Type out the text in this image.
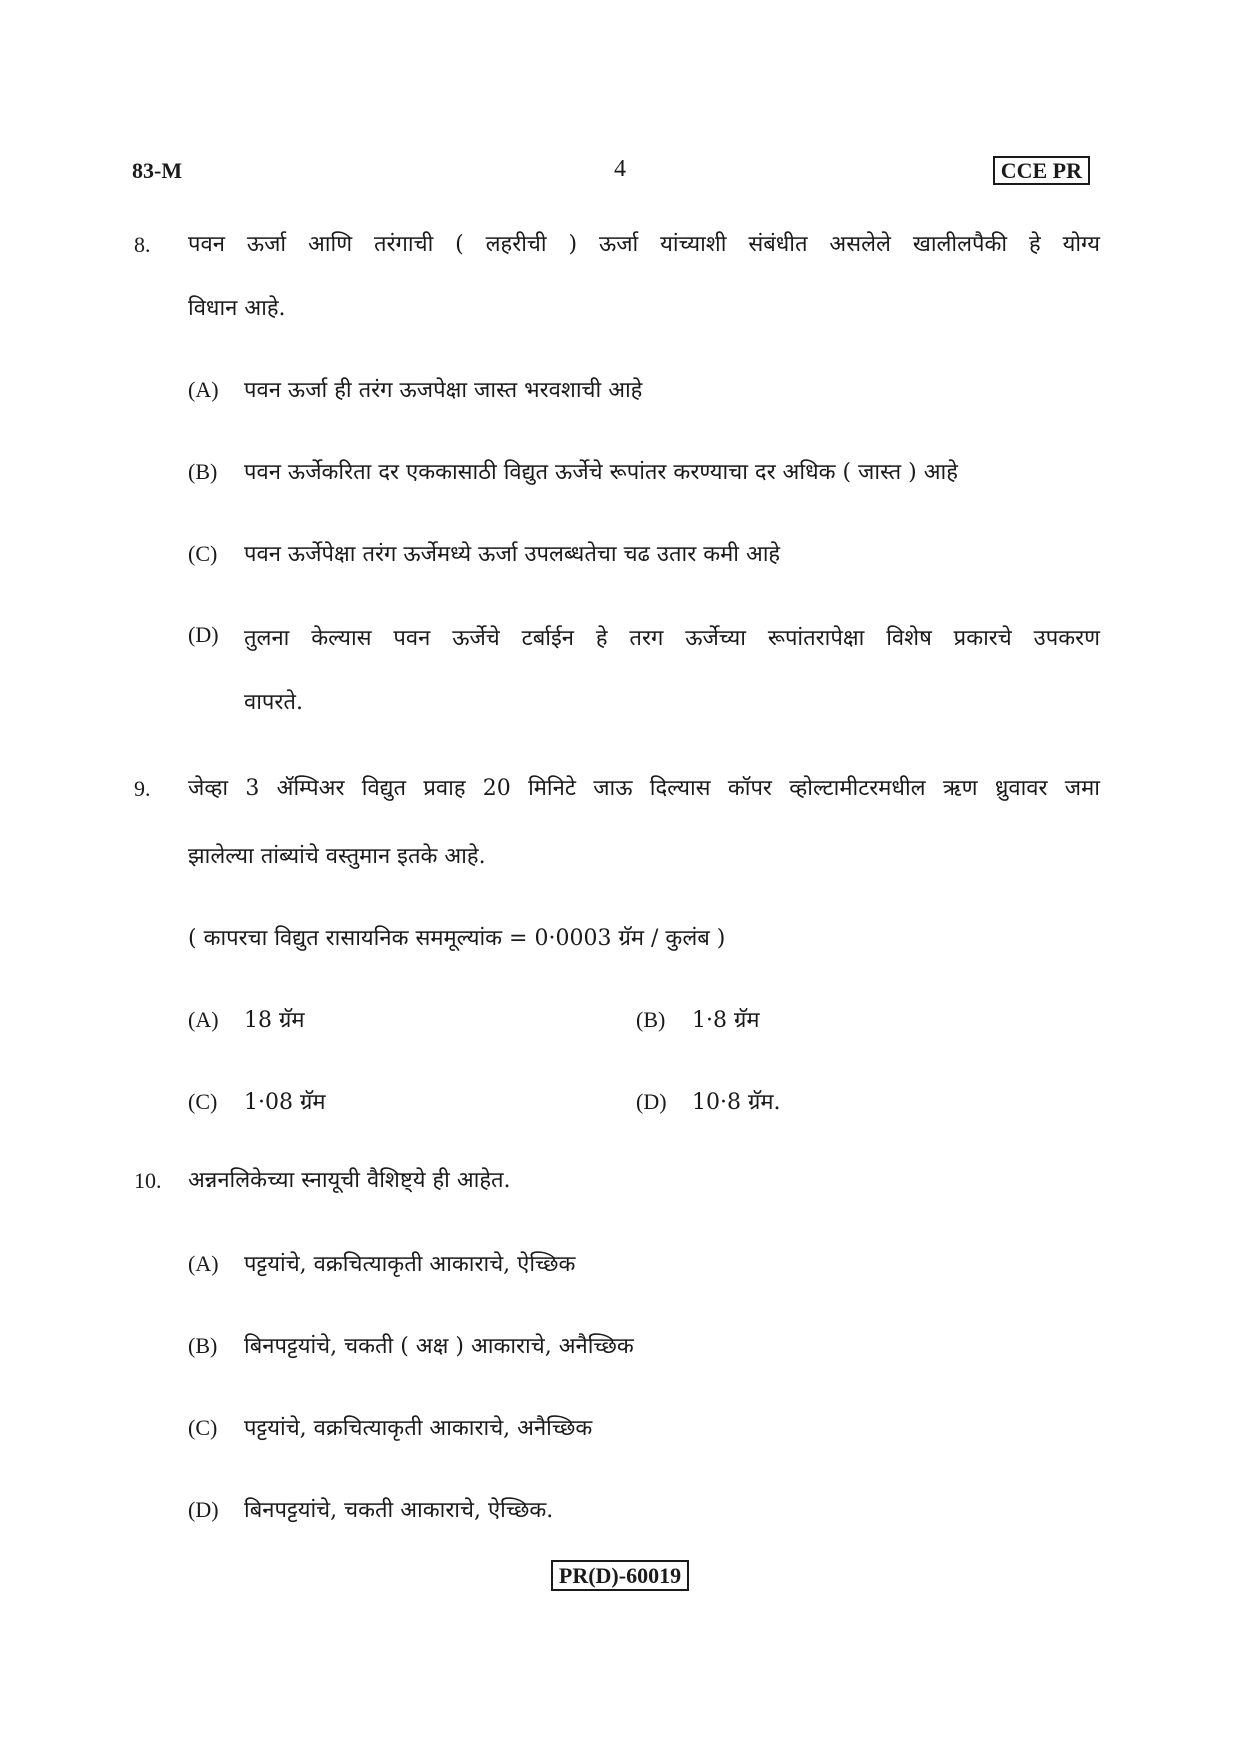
83-M	4	CCE PR
8. पवन ऊर्जा आणि तरंगाची ( लहरीची ) ऊर्जा यांच्याशी संबंधीत असलेले खालीलपैकी हे योग्य
विधान आहे.
(A) पवन ऊर्जा ही तरंग ऊजपेक्षा जास्त भरवशाची आहे
(B) पवन ऊर्जेकरिता दर एककासाठी विद्युत ऊर्जेचे रूपांतर करण्याचा दर अधिक ( जास्त ) आहे
(C) पवन ऊर्जेपेक्षा तरंग ऊर्जेमध्ये ऊर्जा उपलब्धतेचा चढ उतार कमी आहे
(D)	तुलना केल्यास पवन ऊर्जेचे टर्बाईन हे तरग ऊर्जेच्या रूपांतरापेक्षा विशेष प्रकारचे उपकरण
वापरते.
9. जेव्हा 3 ॲम्पिअर विद्युत प्रवाह 20 मिनिटे जाऊ दिल्यास कॉपर व्होल्टामीटरमधील ऋण ध्रुवावर जमा
झालेल्या तांब्यांचे वस्तुमान इतके आहे.
( कापरचा विद्युत रासायनिक सममूल्यांक = 0·0003 ग्रॅम / कुलंब )
(A) 18 ग्रॅम	(B) 1·8 ग्रॅम
(C) 1·08 ग्रॅम	(D) 10·8 ग्रॅम.
10. अन्ननलिकेच्या स्नायूची वैशिष्ट्ये ही आहेत.
(A) पट्टयांचे, वक्रचित्याकृती आकाराचे, ऐच्छिक
(B) बिनपट्टयांचे, चकती ( अक्ष ) आकाराचे, अनैच्छिक
(C) पट्टयांचे, वक्रचित्याकृती आकाराचे, अनैच्छिक
(D) बिनपट्टयांचे, चकती आकाराचे, ऐच्छिक.
PR(D)-60019
